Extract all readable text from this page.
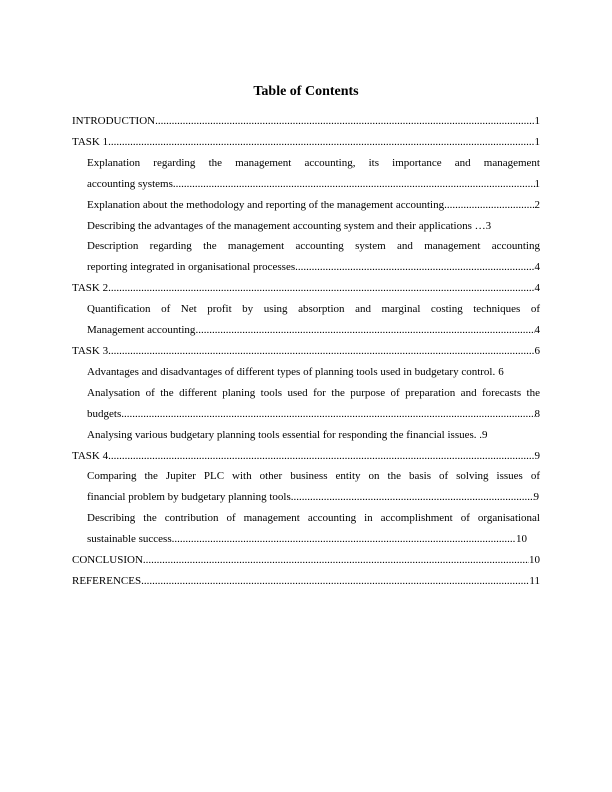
Table of Contents
INTRODUCTION .....	1
TASK 1 .....	1
Explanation regarding the management accounting, its importance and management
accounting systems .....	1
Explanation about the methodology and reporting of the management accounting .....	2
Describing the advantages of the management accounting system and their applications … 3
Description regarding the management accounting system and management accounting
reporting integrated in organisational processes .....	4
TASK 2 .....	4
Quantification of Net profit by using absorption and marginal costing techniques of
Management accounting .....	4
TASK 3 .....	6
Advantages and disadvantages of different types of planning tools used in budgetary control. 6
Analysation of the different planing tools used for the purpose of preparation and forecasts the
budgets .....	8
Analysing various budgetary planning tools essential for responding the financial issues. . 9
TASK 4 .....	9
Comparing the Jupiter PLC with other business entity on the basis of solving issues of
financial problem by budgetary planning tools .....	9
Describing the contribution of management accounting in accomplishment of organisational
sustainable success .....	10
CONCLUSION .....	10
REFERENCES .....	11
